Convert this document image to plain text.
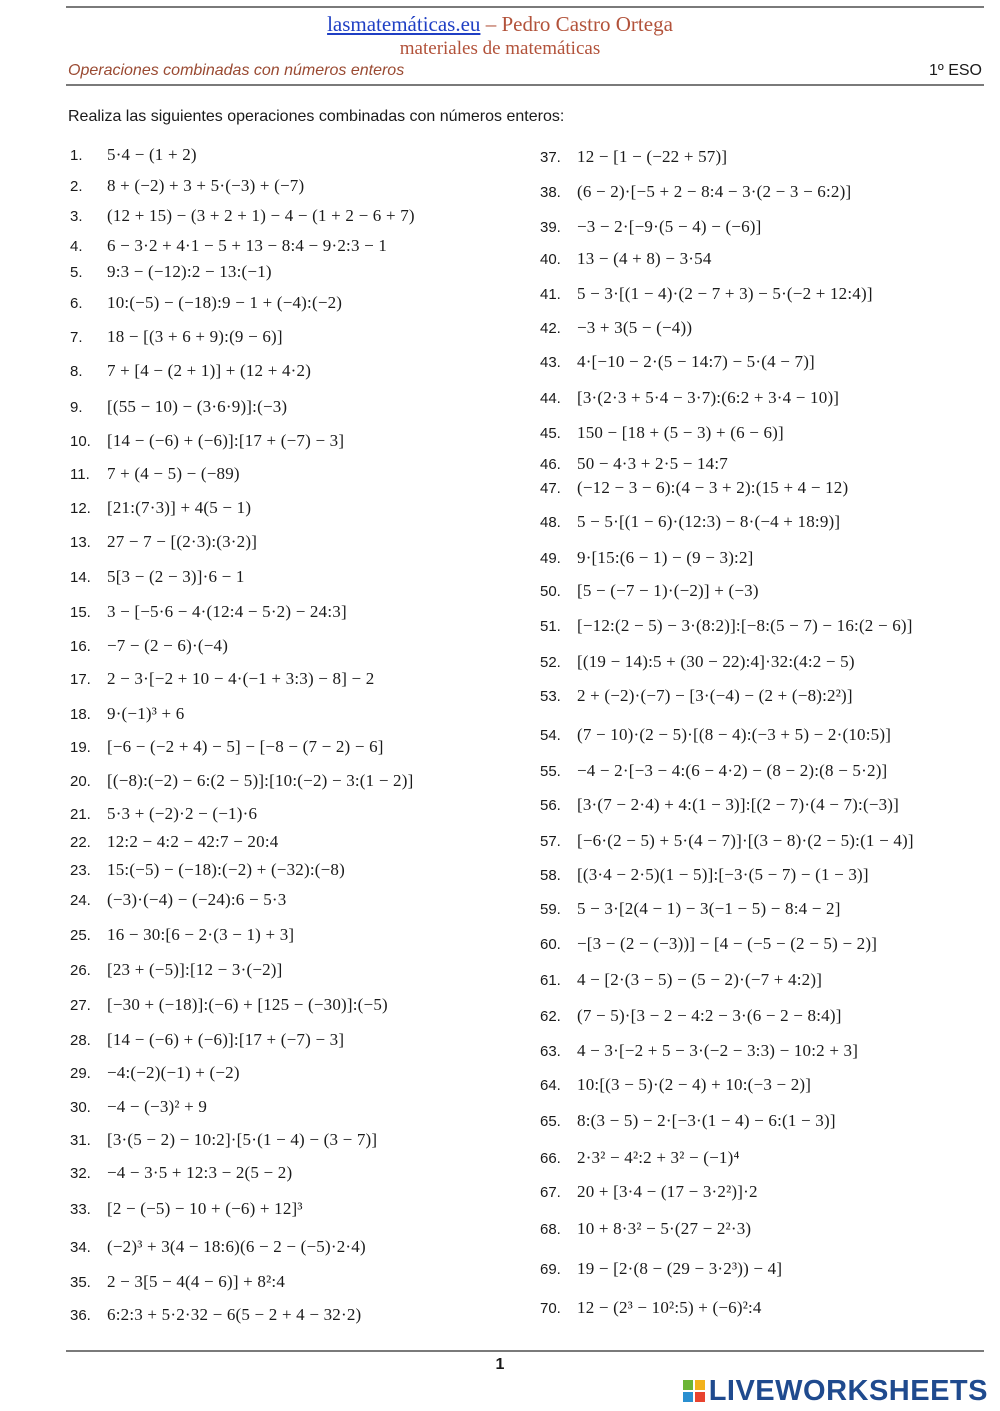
lasmatemáticas.eu – Pedro Castro Ortega
materiales de matemáticas
Operaciones combinadas con números enteros	1º ESO
Realiza las siguientes operaciones combinadas con números enteros:
1. 5·4 − (1 + 2)
2. 8 + (−2) + 3 + 5·(−3) + (−7)
3. (12 + 15) − (3 + 2 + 1) − 4 − (1 + 2 − 6 + 7)
4. 6 − 3·2 + 4·1 − 5 + 13 − 8:4 − 9·2:3 − 1
5. 9:3 − (−12):2 − 13:(−1)
6. 10:(−5) − (−18):9 − 1 + (−4):(−2)
7. 18 − [(3 + 6 + 9):(9 − 6)]
8. 7 + [4 − (2 + 1)] + (12 + 4·2)
9. [(55 − 10) − (3·6·9)]:(−3)
10. [14 − (−6) + (−6)]:[17 + (−7) − 3]
11. 7 + (4 − 5) − (−89)
12. [21:(7·3)] + 4(5 − 1)
13. 27 − 7 − [(2·3):(3·2)]
14. 5[3 − (2 − 3)]·6 − 1
15. 3 − [−5·6 − 4·(12:4 − 5·2) − 24:3]
16. −7 − (2 − 6)·(−4)
17. 2 − 3·[−2 + 10 − 4·(−1 + 3:3) − 8] − 2
18. 9·(−1)³ + 6
19. [−6 − (−2 + 4) − 5] − [−8 − (7 − 2) − 6]
20. [(−8):(−2) − 6:(2 − 5)]:[10:(−2) − 3:(1 − 2)]
21. 5·3 + (−2)·2 − (−1)·6
22. 12:2 − 4:2 − 42:7 − 20:4
23. 15:(−5) − (−18):(−2) + (−32):(−8)
24. (−3)·(−4) − (−24):6 − 5·3
25. 16 − 30:[6 − 2·(3 − 1) + 3]
26. [23 + (−5)]:[12 − 3·(−2)]
27. [−30 + (−18)]:(−6) + [125 − (−30)]:(−5)
28. [14 − (−6) + (−6)]:[17 + (−7) − 3]
29. −4:(−2)(−1) + (−2)
30. −4 − (−3)² + 9
31. [3·(5 − 2) − 10:2]·[5·(1 − 4) − (3 − 7)]
32. −4 − 3·5 + 12:3 − 2(5 − 2)
33. [2 − (−5) − 10 + (−6) + 12]³
34. (−2)³ + 3(4 − 18:6)(6 − 2 − (−5)·2·4)
35. 2 − 3[5 − 4(4 − 6)] + 8²:4
36. 6:2:3 + 5·2·32 − 6(5 − 2 + 4 − 32·2)
37. 12 − [1 − (−22 + 57)]
38. (6 − 2)·[−5 + 2 − 8:4 − 3·(2 − 3 − 6:2)]
39. −3 − 2·[−9·(5 − 4) − (−6)]
40. 13 − (4 + 8) − 3·54
41. 5 − 3·[(1 − 4)·(2 − 7 + 3) − 5·(−2 + 12:4)]
42. −3 + 3(5 − (−4))
43. 4·[−10 − 2·(5 − 14:7) − 5·(4 − 7)]
44. [3·(2·3 + 5·4 − 3·7):(6:2 + 3·4 − 10)]
45. 150 − [18 + (5 − 3) + (6 − 6)]
46. 50 − 4·3 + 2·5 − 14:7
47. (−12 − 3 − 6):(4 − 3 + 2):(15 + 4 − 12)
48. 5 − 5·[(1 − 6)·(12:3) − 8·(−4 + 18:9)]
49. 9·[15:(6 − 1) − (9 − 3):2]
50. [5 − (−7 − 1)·(−2)] + (−3)
51. [−12:(2 − 5) − 3·(8:2)]:[−8:(5 − 7) − 16:(2 − 6)]
52. [(19 − 14):5 + (30 − 22):4]·32:(4:2 − 5)
53. 2 + (−2)·(−7) − [3·(−4) − (2 + (−8):2²)]
54. (7 − 10)·(2 − 5)·[(8 − 4):(−3 + 5) − 2·(10:5)]
55. −4 − 2·[−3 − 4:(6 − 4·2) − (8 − 2):(8 − 5·2)]
56. [3·(7 − 2·4) + 4:(1 − 3)]:[(2 − 7)·(4 − 7):(−3)]
57. [−6·(2 − 5) + 5·(4 − 7)]·[(3 − 8)·(2 − 5):(1 − 4)]
58. [(3·4 − 2·5)(1 − 5)]:[−3·(5 − 7) − (1 − 3)]
59. 5 − 3·[2(4 − 1) − 3(−1 − 5) − 8:4 − 2]
60. −[3 − (2 − (−3))] − [4 − (−5 − (2 − 5) − 2)]
61. 4 − [2·(3 − 5) − (5 − 2)·(−7 + 4:2)]
62. (7 − 5)·[3 − 2 − 4:2 − 3·(6 − 2 − 8:4)]
63. 4 − 3·[−2 + 5 − 3·(−2 − 3:3) − 10:2 + 3]
64. 10:[(3 − 5)·(2 − 4) + 10:(−3 − 2)]
65. 8:(3 − 5) − 2·[−3·(1 − 4) − 6:(1 − 3)]
66. 2·3² − 4²:2 + 3² − (−1)⁴
67. 20 + [3·4 − (17 − 3·2²)]·2
68. 10 + 8·3² − 5·(27 − 2²·3)
69. 19 − [2·(8 − (29 − 3·2³)) − 4]
70. 12 − (2³ − 10²:5) + (−6)²:4
1
LIVEWORKSHEETS
